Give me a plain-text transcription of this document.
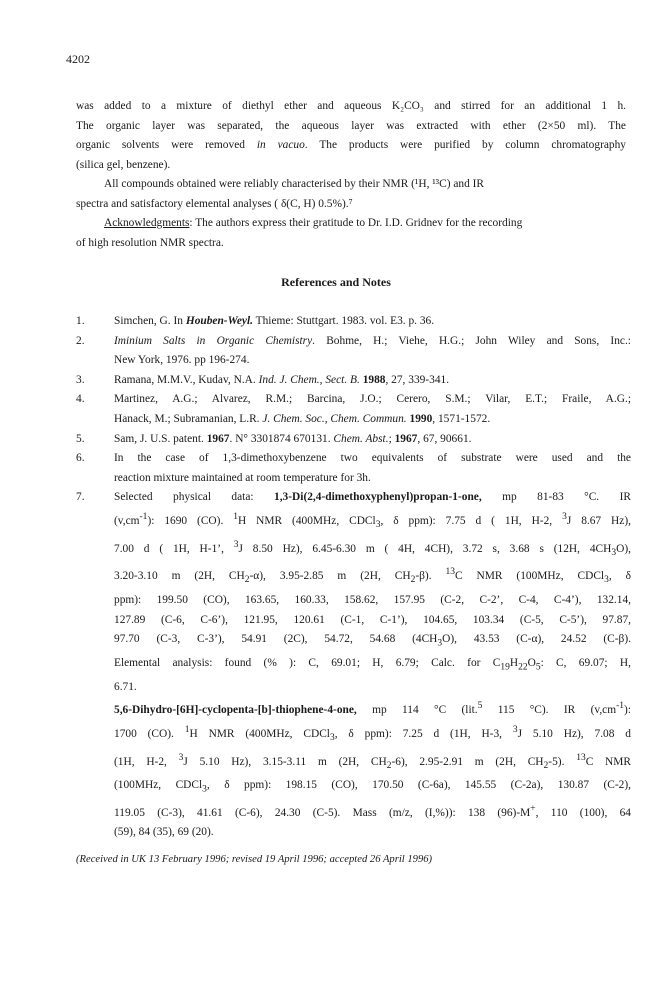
4202
was added to a mixture of diethyl ether and aqueous K₂CO₃ and stirred for an additional 1 h.
The organic layer was separated, the aqueous layer was extracted with ether (2×50 ml). The
organic solvents were removed in vacuo. The products were purified by column chromatography
(silica gel, benzene).
All compounds obtained were reliably characterised by their NMR (¹H, ¹³C) and IR
spectra and satisfactory elemental analyses ( δ(C, H) 0.5%).⁷
Acknowledgments: The authors express their gratitude to Dr. I.D. Gridnev for the recording
of high resolution NMR spectra.
References and Notes
1.	Simchen, G. In Houben-Weyl. Thieme: Stuttgart. 1983. vol. E3. p. 36.
2.	Iminium Salts in Organic Chemistry. Bohme, H.; Viehe, H.G.; John Wiley and Sons, Inc.:
New York, 1976. pp 196-274.
3.	Ramana, M.M.V., Kudav, N.A. Ind. J. Chem., Sect. B. 1988, 27, 339-341.
4.	Martinez, A.G.; Alvarez, R.M.; Barcina, J.O.; Cerero, S.M.; Vilar, E.T.; Fraile, A.G.;
Hanack, M.; Subramanian, L.R. J. Chem. Soc., Chem. Commun. 1990, 1571-1572.
5.	Sam, J. U.S. patent. 1967. N° 3301874 670131. Chem. Abst.; 1967, 67, 90661.
6.	In the case of 1,3-dimethoxybenzene two equivalents of substrate were used and the
reaction mixture maintained at room temperature for 3h.
7.	Selected physical data: 1,3-Di(2,4-dimethoxyphenyl)propan-1-one, mp 81-83 °C. IR
$(v,cm^{-1})$: 1690 (CO). $^1$H NMR (400MHz, CDCl$_3$, δ ppm): 7.75 d ( 1H, H-2, $^3$J 8.67 Hz),
7.00 d ( 1H, H-1’, $^3$J 8.50 Hz), 6.45-6.30 m ( 4H, 4CH), 3.72 s, 3.68 s (12H, $4CH_3O$),
3.20-3.10 m (2H, $CH_2-\alpha$), 3.95-2.85 m (2H, $CH_2-\beta$). $^{13}$C NMR (100MHz, CDCl$_3$, δ
ppm): 199.50 (CO), 163.65, 160.33, 158.62, 157.95 (C-2, C-2’, C-4, C-4’), 132.14,
127.89 (C-6, C-6’), 121.95, 120.61 (C-1, C-1’), 104.65, 103.34 (C-5, C-5’), 97.87,
97.70 (C-3, C-3’), 54.91 (2C), 54.72, 54.68 $(4CH_3O)$, 43.53 (C-α), 24.52 (C-β).
Elemental analysis: found (% ): C, 69.01; H, 6.79; Calc. for $C_{19}H_{22}O_5$: C, 69.07; H,
6.71.
5,6-Dihydro-[6H]-cyclopenta-[b]-thiophene-4-one, mp 114 °C (lit.$^5$ 115 °C). IR $(v,cm^{-1})$:
1700 (CO). $^1$H NMR (400MHz, CDCl$_3$, δ ppm): 7.25 d (1H, H-3, $^3$J 5.10 Hz), 7.08 d
(1H, H-2, $^3$J 5.10 Hz), 3.15-3.11 m (2H, $CH_2-6$), 2.95-2.91 m (2H, $CH_2-5$). $^{13}$C NMR
(100MHz, CDCl$_3$, δ ppm): 198.15 (CO), 170.50 (C-6a), 145.55 (C-2a), 130.87 (C-2),
119.05 (C-3), 41.61 (C-6), 24.30 (C-5). Mass (m/z, (I,%)): 138 (96)-M+, 110 (100), 64
(59), 84 (35), 69 (20).
(Received in UK 13 February 1996; revised 19 April 1996; accepted 26 April 1996)
